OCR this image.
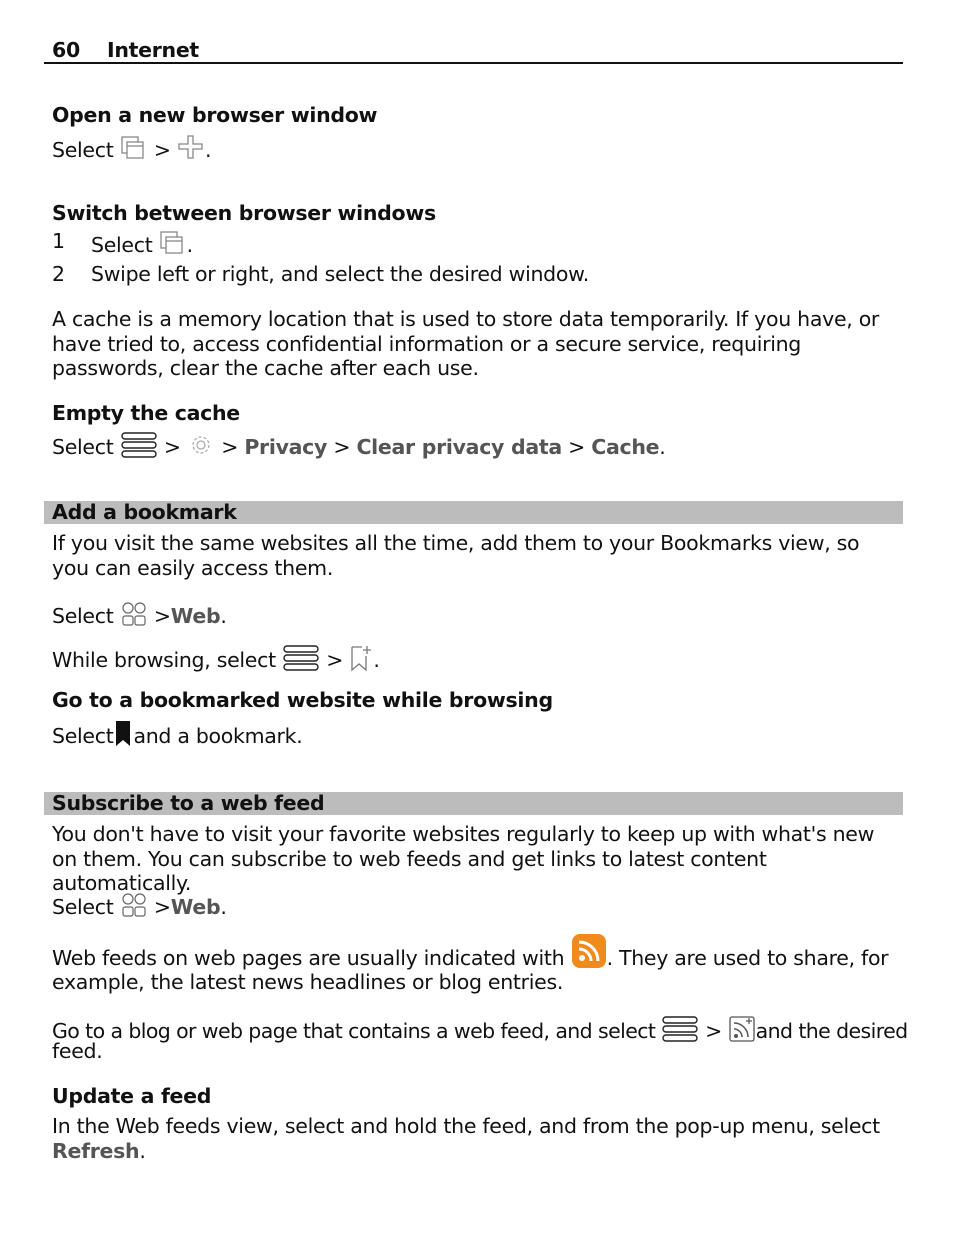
60 Internet
Open a new browser window
Select > .
Switch between browser windows
1 Select .
2 Swipe left or right, and select the desired window.
A cache is a memory location that is used to store data temporarily. If you have, or have tried to, access confidential information or a secure service, requiring passwords, clear the cache after each use.
Empty the cache
Select > > Privacy > Clear privacy data > Cache.
Add a bookmark
If you visit the same websites all the time, add them to your Bookmarks view, so you can easily access them.
Select >Web.
While browsing, select > .
Go to a bookmarked website while browsing
Select and a bookmark.
Subscribe to a web feed
You don't have to visit your favorite websites regularly to keep up with what's new on them. You can subscribe to web feeds and get links to latest content automatically.
Select >Web.
Web feeds on web pages are usually indicated with . They are used to share, for
example, the latest news headlines or blog entries.
Go to a blog or web page that contains a web feed, and select > and the desired
feed.
Update a feed
In the Web feeds view, select and hold the feed, and from the pop-up menu, select Refresh.
